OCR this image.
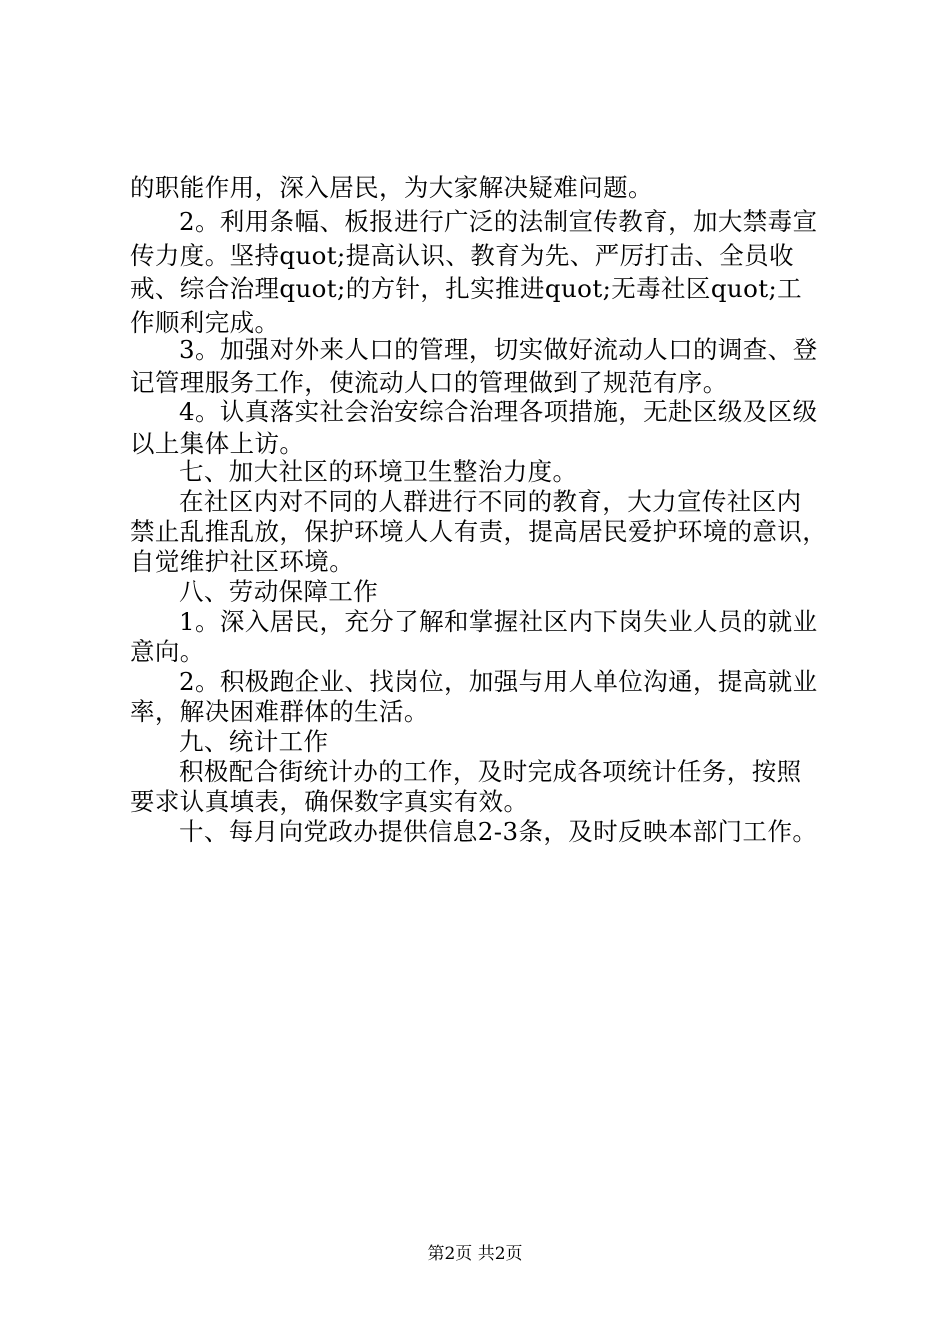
的职能作用，深入居民，为大家解决疑难问题。
2。利用条幅、板报进行广泛的法制宣传教育，加大禁毒宣
传力度。坚持quot;提高认识、教育为先、严厉打击、全员收
戒、综合治理quot;的方针，扎实推进quot;无毒社区quot;工
作顺利完成。
3。加强对外来人口的管理，切实做好流动人口的调查、登
记管理服务工作，使流动人口的管理做到了规范有序。
4。认真落实社会治安综合治理各项措施，无赴区级及区级
以上集体上访。
七、加大社区的环境卫生整治力度。
在社区内对不同的人群进行不同的教育，大力宣传社区内
禁止乱推乱放，保护环境人人有责，提高居民爱护环境的意识，
自觉维护社区环境。
八、劳动保障工作
1。深入居民，充分了解和掌握社区内下岗失业人员的就业
意向。
2。积极跑企业、找岗位，加强与用人单位沟通，提高就业
率，解决困难群体的生活。
九、统计工作
积极配合街统计办的工作，及时完成各项统计任务，按照
要求认真填表，确保数字真实有效。
十、每月向党政办提供信息2-3条，及时反映本部门工作。
第2页 共2页
